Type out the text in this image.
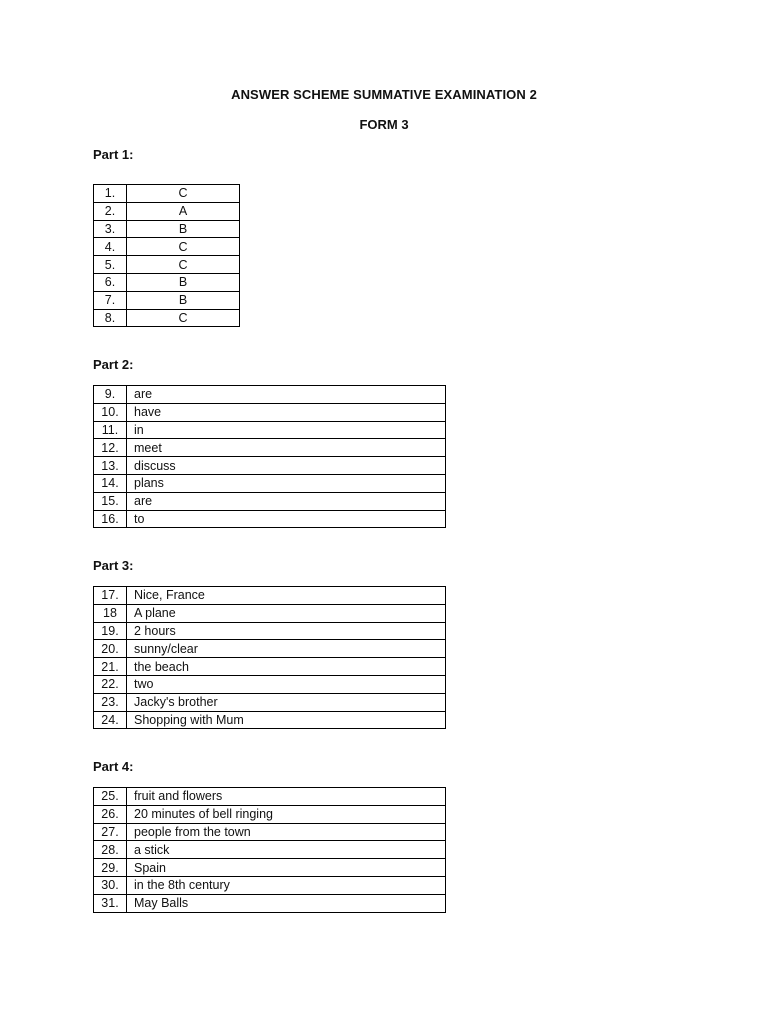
ANSWER SCHEME SUMMATIVE EXAMINATION 2
FORM 3
Part 1:
1.	C
2.	A
3.	B
4.	C
5.	C
6.	B
7.	B
8.	C
Part 2:
9.	are
10.	have
11.	in
12.	meet
13.	discuss
14.	plans
15.	are
16.	to
Part 3:
17.	Nice, France
18	A plane
19.	2 hours
20.	sunny/clear
21.	the beach
22.	two
23.	Jacky's brother
24.	Shopping with Mum
Part 4:
25.	fruit and flowers
26.	20 minutes of bell ringing
27.	people from the town
28.	a stick
29.	Spain
30.	in the 8th century
31.	May Balls
